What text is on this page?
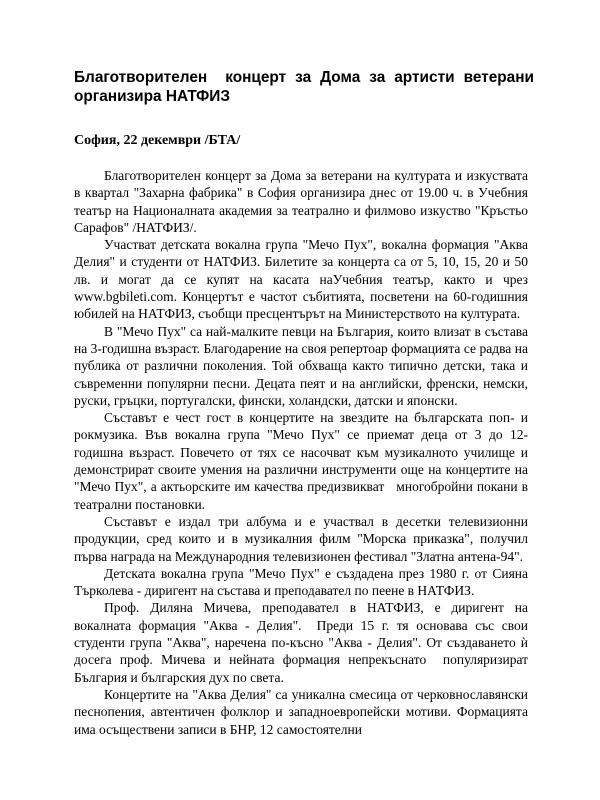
Благотворителен  концерт за Дома за артисти ветерани организира НАТФИЗ

София, 22 декември /БТА/

Благотворителен концерт за Дома за ветерани на културата и изкуствата в квартал "Захарна фабрика" в София организира днес от 19.00 ч. в Учебния театър на Националната академия за театрално и филмово изкуство "Кръстьо Сарафов" /НАТФИЗ/.

Участват детската вокална група "Мечо Пух", вокална формация "Аква Делия" и студенти от НАТФИЗ. Билетите за концерта са от 5, 10, 15, 20 и 50 лв. и могат да се купят на касата наУчебния театър, както и чрез www.bgbileti.com. Концертът е частот събитията, посветени на 60-годишния юбилей на НАТФИЗ, съобщи пресцентърът на Министерството на културата.

В "Мечо Пух" са най-малките певци на България, които влизат в състава на 3-годишна възраст. Благодарение на своя репертоар формацията се радва на публика от различни поколения. Той обхваща както типично детски, така и съвременни популярни песни. Децата пеят и на английски, френски, немски, руски, гръцки, португалски, фински, холандски, датски и японски.

Съставът е чест гост в концертите на звездите на българската поп- и рокмузика. Във вокална група "Мечо Пух" се приемат деца от 3 до 12-годишна възраст. Повечето от тях се насочват към музикалното училище и демонстрират своите умения на различни инструменти още на концертите на "Мечо Пух", а актьорските им качества предизвикват   многобройни покани в театрални постановки.

Съставът е издал три албума и е участвал в десетки телевизионни продукции, сред които и в музикалния филм "Морска приказка", получил първа награда на Международния телевизионен фестивал "Златна антена-94".

Детската вокална група "Мечо Пух" е създадена през 1980 г. от Сияна Търколева - диригент на състава и преподавател по пеене в НАТФИЗ.

Проф. Диляна Мичева, преподавател в НАТФИЗ, е диригент на вокалната формация "Аква - Делия".  Преди 15 г. тя основава със свои студенти група "Аква", наречена по-късно "Аква - Делия". От създаването ѝ досега проф. Мичева и нейната формация непрекъснато  популяризират България и българския дух по света.

Концертите на "Аква Делия" са уникална смесица от черковнославянски песнопения, автентичен фолклор и западноевропейски мотиви. Формацията има осъществени записи в БНР, 12 самостоятелни
